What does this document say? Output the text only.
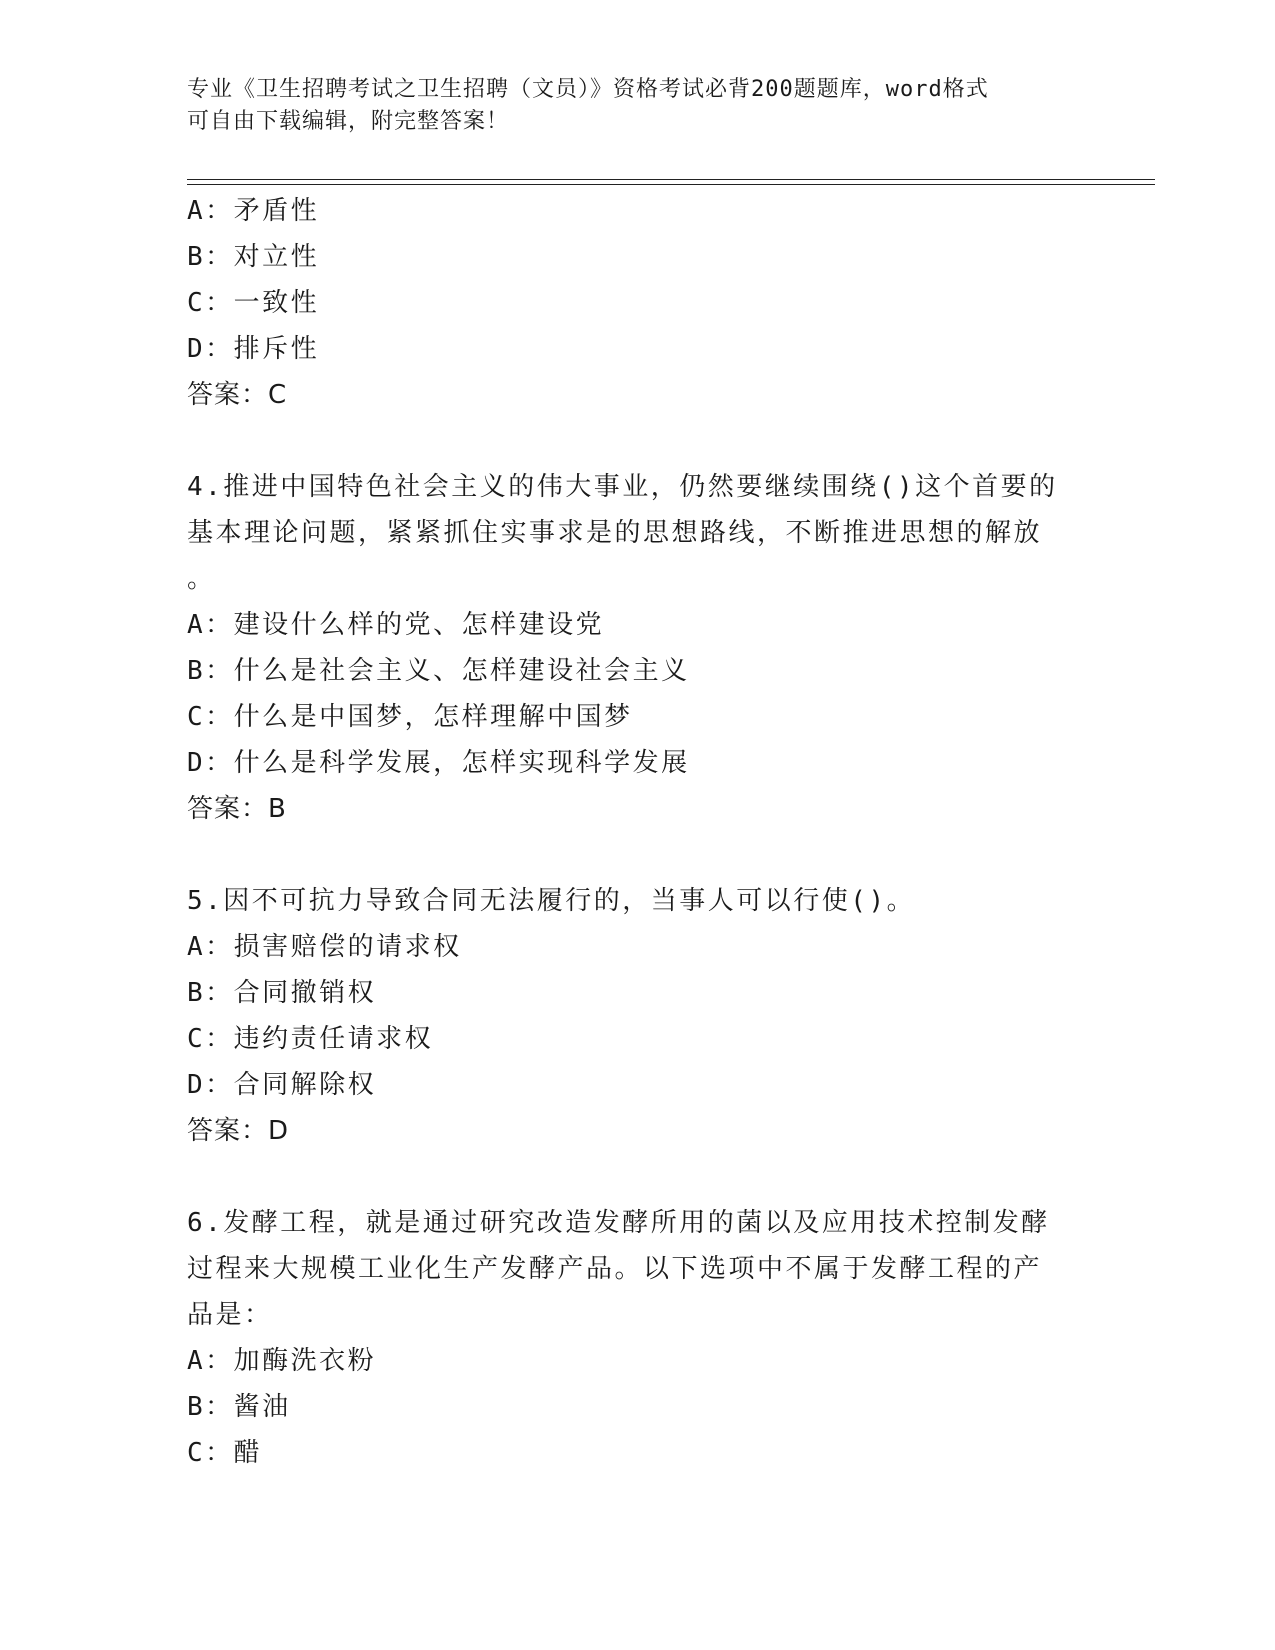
专业《卫生招聘考试之卫生招聘（文员）》资格考试必背200题题库，word格式
可自由下载编辑，附完整答案！
A：矛盾性
B：对立性
C：一致性
D：排斥性
答案：C
4.推进中国特色社会主义的伟大事业，仍然要继续围绕()这个首要的
基本理论问题，紧紧抓住实事求是的思想路线，不断推进思想的解放
。
A：建设什么样的党、怎样建设党
B：什么是社会主义、怎样建设社会主义
C：什么是中国梦，怎样理解中国梦
D：什么是科学发展，怎样实现科学发展
答案：B
5.因不可抗力导致合同无法履行的，当事人可以行使()。
A：损害赔偿的请求权
B：合同撤销权
C：违约责任请求权
D：合同解除权
答案：D
6.发酵工程，就是通过研究改造发酵所用的菌以及应用技术控制发酵
过程来大规模工业化生产发酵产品。以下选项中不属于发酵工程的产
品是：
A：加酶洗衣粉
B：酱油
C：醋
